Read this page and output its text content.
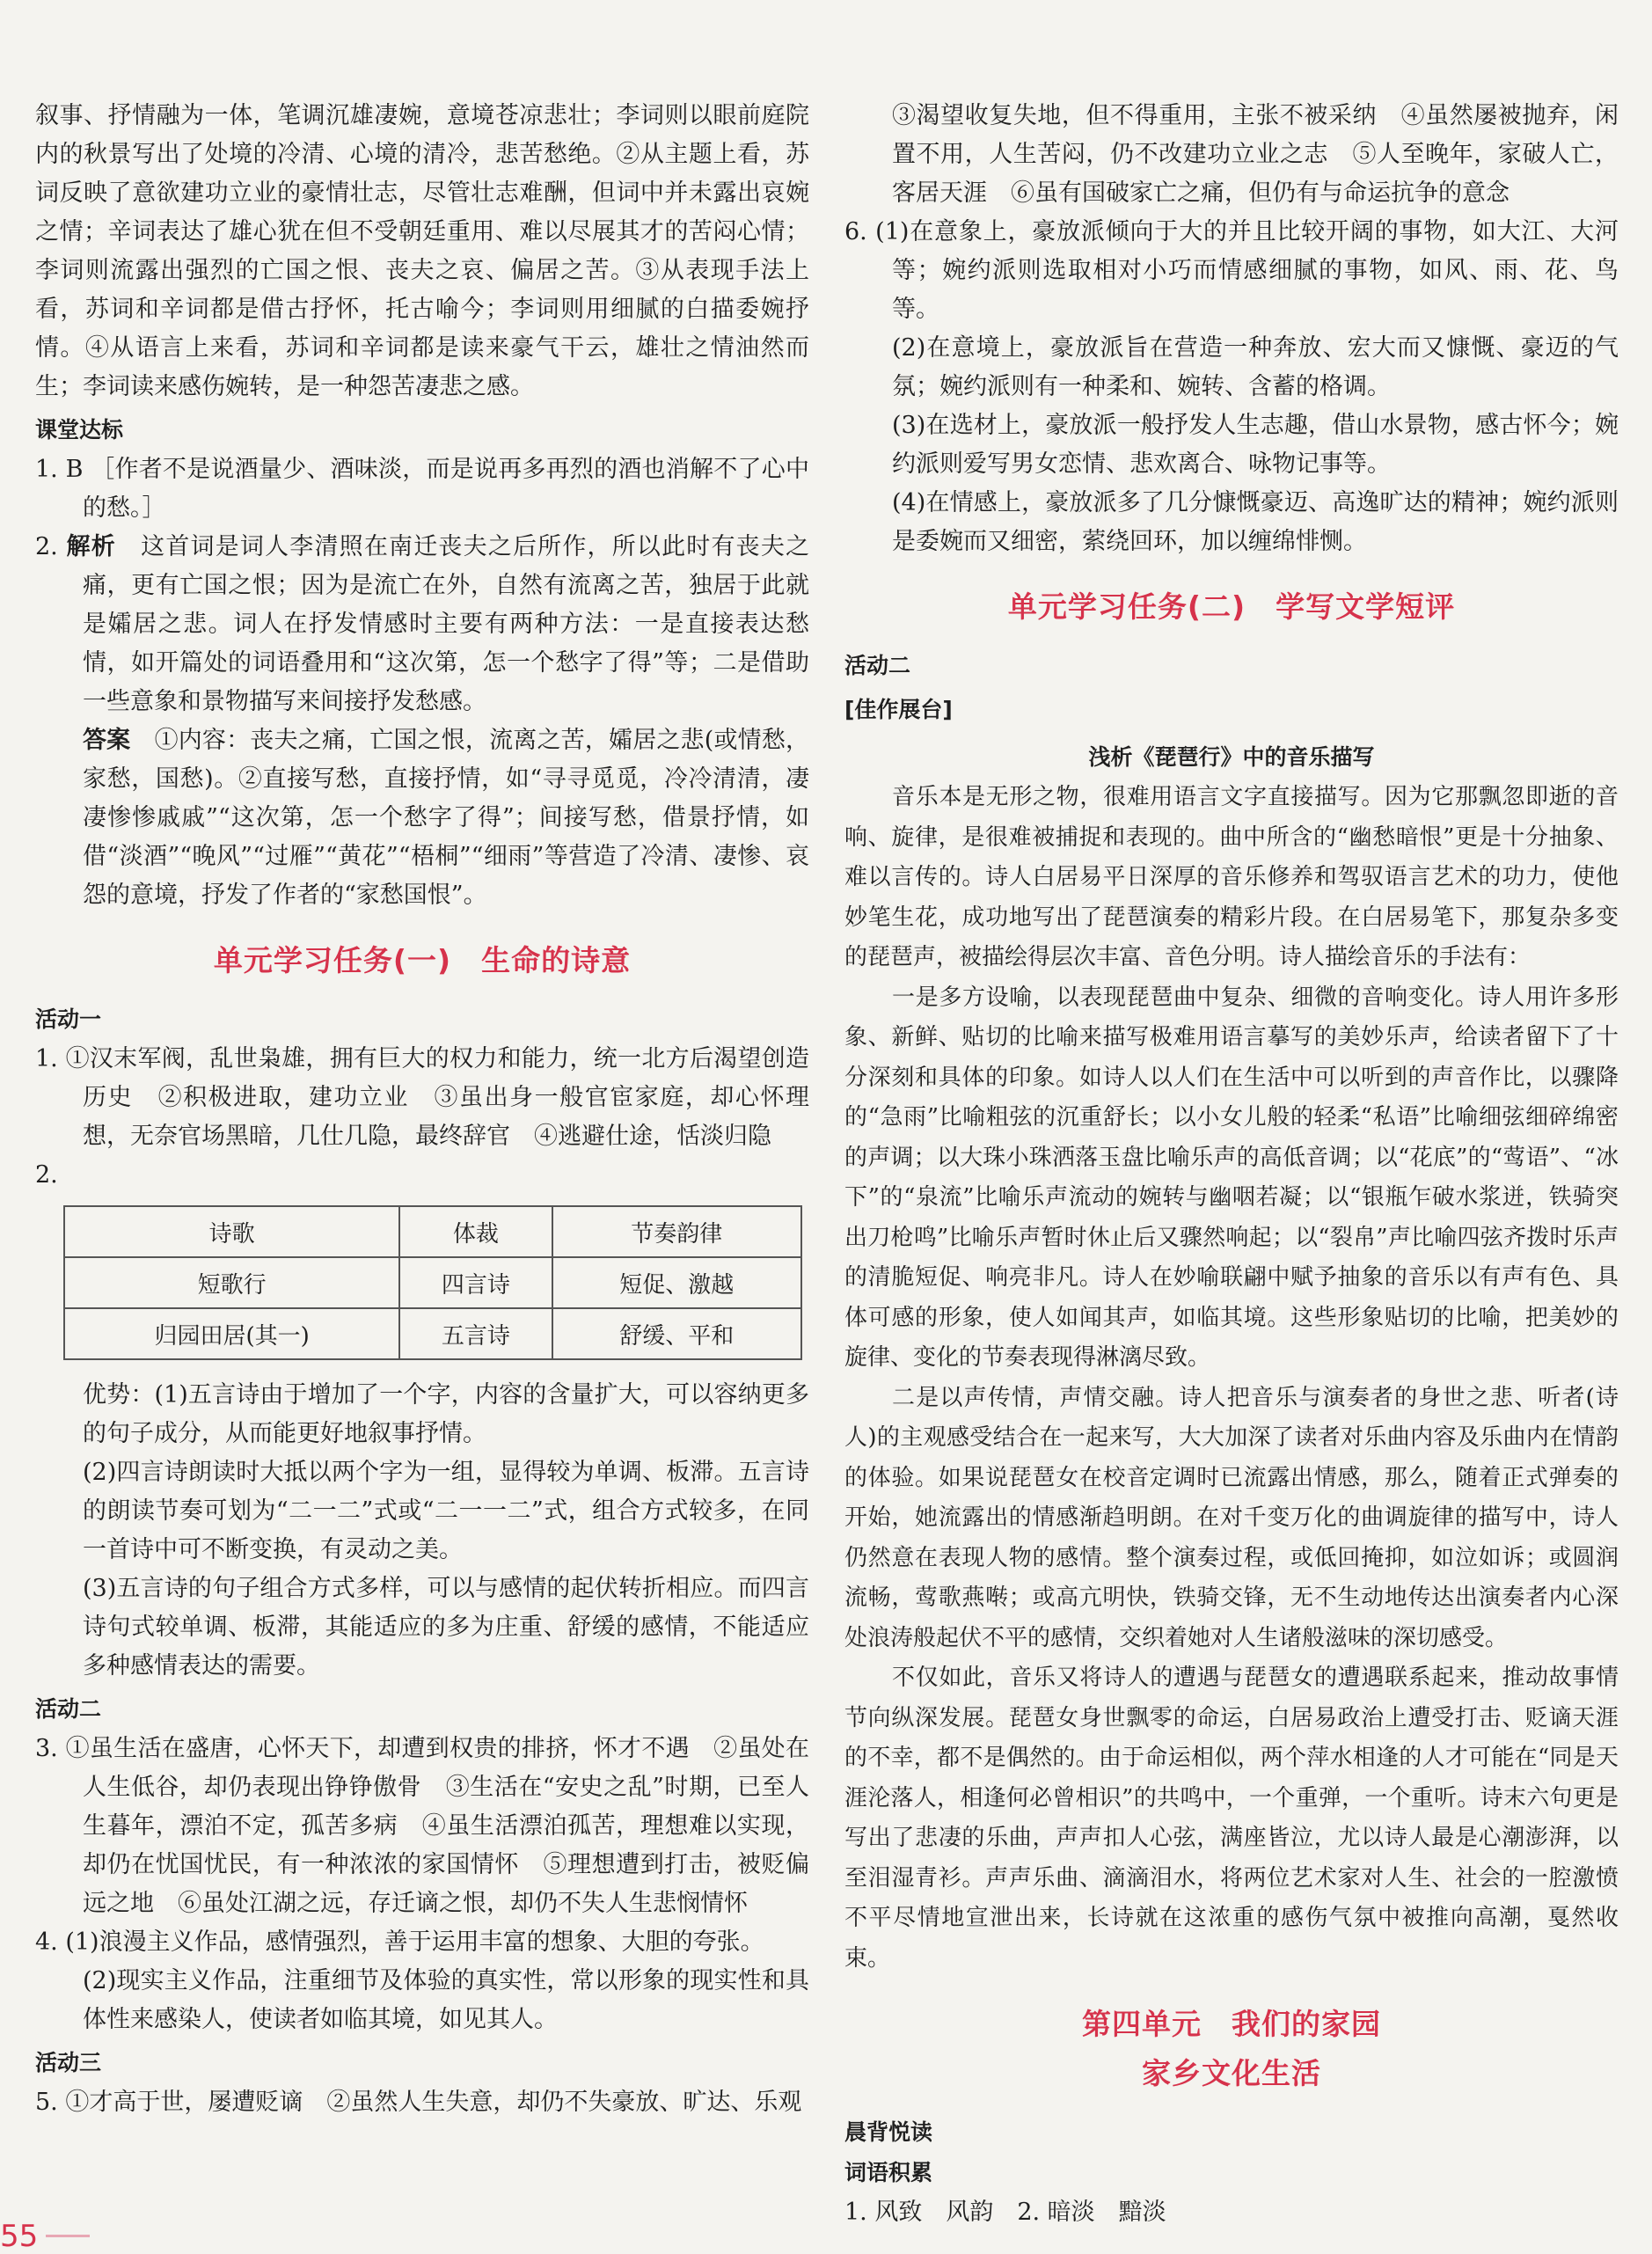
叙事、抒情融为一体，笔调沉雄凄婉，意境苍凉悲壮；李词则以眼前庭院内的秋景写出了处境的冷清、心境的清冷，悲苦愁绝。②从主题上看，苏词反映了意欲建功立业的豪情壮志，尽管壮志难酬，但词中并未露出哀婉之情；辛词表达了雄心犹在但不受朝廷重用、难以尽展其才的苦闷心情；李词则流露出强烈的亡国之恨、丧夫之哀、偏居之苦。③从表现手法上看，苏词和辛词都是借古抒怀，托古喻今；李词则用细腻的白描委婉抒情。④从语言上来看，苏词和辛词都是读来豪气干云，雄壮之情油然而生；李词读来感伤婉转，是一种怨苦凄悲之感。

课堂达标

1. B ［作者不是说酒量少、酒味淡，而是说再多再烈的酒也消解不了心中的愁。］

2. 解析　 这首词是词人李清照在南迁丧夫之后所作，所以此时有丧夫之痛，更有亡国之恨；因为是流亡在外，自然有流离之苦，独居于此就是孀居之悲。词人在抒发情感时主要有两种方法：一是直接表达愁情，如开篇处的词语叠用和“这次第，怎一个愁字了得”等；二是借助一些意象和景物描写来间接抒发愁感。

答案　 ①内容：丧夫之痛，亡国之恨，流离之苦，孀居之悲(或情愁，家愁，国愁)。②直接写愁，直接抒情，如“寻寻觅觅，冷冷清清，凄凄惨惨戚戚”“这次第，怎一个愁字了得”；间接写愁，借景抒情，如借“淡酒”“晚风”“过雁”“黄花”“梧桐”“细雨”等营造了冷清、凄惨、哀怨的意境，抒发了作者的“家愁国恨”。

单元学习任务(一)　生命的诗意
活动一

1. ①汉末军阀，乱世枭雄，拥有巨大的权力和能力，统一北方后渴望创造历史　②积极进取，建功立业　③虽出身一般官宦家庭，却心怀理想，无奈官场黑暗，几仕几隐，最终辞官　④逃避仕途，恬淡归隐

2.

诗歌	体裁	节奏韵律
短歌行	四言诗	短促、激越
归园田居(其一)	五言诗	舒缓、平和

优势：(1)五言诗由于增加了一个字，内容的含量扩大，可以容纳更多的句子成分，从而能更好地叙事抒情。

(2)四言诗朗读时大抵以两个字为一组，显得较为单调、板滞。五言诗的朗读节奏可划为“二一二”式或“二一一二”式，组合方式较多，在同一首诗中可不断变换，有灵动之美。

(3)五言诗的句子组合方式多样，可以与感情的起伏转折相应。而四言诗句式较单调、板滞，其能适应的多为庄重、舒缓的感情，不能适应多种感情表达的需要。

活动二

3. ①虽生活在盛唐，心怀天下，却遭到权贵的排挤，怀才不遇　②虽处在人生低谷，却仍表现出铮铮傲骨　③生活在“安史之乱”时期，已至人生暮年，漂泊不定，孤苦多病　④虽生活漂泊孤苦，理想难以实现，却仍在忧国忧民，有一种浓浓的家国情怀　⑤理想遭到打击，被贬偏远之地　⑥虽处江湖之远，存迁谪之恨，却仍不失人生悲悯情怀

4. (1)浪漫主义作品，感情强烈，善于运用丰富的想象、大胆的夸张。

(2)现实主义作品，注重细节及体验的真实性，常以形象的现实性和具体性来感染人，使读者如临其境，如见其人。

活动三

5. ①才高于世，屡遭贬谪　②虽然人生失意，却仍不失豪放、旷达、乐观

③渴望收复失地，但不得重用，主张不被采纳　④虽然屡被抛弃，闲置不用，人生苦闷，仍不改建功立业之志　⑤人至晚年，家破人亡，客居天涯　⑥虽有国破家亡之痛，但仍有与命运抗争的意念

6. (1)在意象上，豪放派倾向于大的并且比较开阔的事物，如大江、大河等；婉约派则选取相对小巧而情感细腻的事物，如风、雨、花、鸟等。

(2)在意境上，豪放派旨在营造一种奔放、宏大而又慷慨、豪迈的气氛；婉约派则有一种柔和、婉转、含蓄的格调。

(3)在选材上，豪放派一般抒发人生志趣，借山水景物，感古怀今；婉约派则爱写男女恋情、悲欢离合、咏物记事等。

(4)在情感上，豪放派多了几分慷慨豪迈、高逸旷达的精神；婉约派则是委婉而又细密，萦绕回环，加以缠绵悱恻。

单元学习任务(二)　学写文学短评
活动二
[佳作展台]
浅析《琵琶行》中的音乐描写

音乐本是无形之物，很难用语言文字直接描写。因为它那飘忽即逝的音响、旋律，是很难被捕捉和表现的。曲中所含的“幽愁暗恨”更是十分抽象、难以言传的。诗人白居易平日深厚的音乐修养和驾驭语言艺术的功力，使他妙笔生花，成功地写出了琵琶演奏的精彩片段。在白居易笔下，那复杂多变的琵琶声，被描绘得层次丰富、音色分明。诗人描绘音乐的手法有：

一是多方设喻，以表现琵琶曲中复杂、细微的音响变化。诗人用许多形象、新鲜、贴切的比喻来描写极难用语言摹写的美妙乐声，给读者留下了十分深刻和具体的印象。如诗人以人们在生活中可以听到的声音作比，以骤降的“急雨”比喻粗弦的沉重舒长；以小女儿般的轻柔“私语”比喻细弦细碎绵密的声调；以大珠小珠洒落玉盘比喻乐声的高低音调；以“花底”的“莺语”、“冰下”的“泉流”比喻乐声流动的婉转与幽咽若凝；以“银瓶乍破水浆迸，铁骑突出刀枪鸣”比喻乐声暂时休止后又骤然响起；以“裂帛”声比喻四弦齐拨时乐声的清脆短促、响亮非凡。诗人在妙喻联翩中赋予抽象的音乐以有声有色、具体可感的形象，使人如闻其声，如临其境。这些形象贴切的比喻，把美妙的旋律、变化的节奏表现得淋漓尽致。

二是以声传情，声情交融。诗人把音乐与演奏者的身世之悲、听者(诗人)的主观感受结合在一起来写，大大加深了读者对乐曲内容及乐曲内在情韵的体验。如果说琵琶女在校音定调时已流露出情感，那么，随着正式弹奏的开始，她流露出的情感渐趋明朗。在对千变万化的曲调旋律的描写中，诗人仍然意在表现人物的感情。整个演奏过程，或低回掩抑，如泣如诉；或圆润流畅，莺歌燕啭；或高亢明快，铁骑交锋，无不生动地传达出演奏者内心深处浪涛般起伏不平的感情，交织着她对人生诸般滋味的深切感受。

不仅如此，音乐又将诗人的遭遇与琵琶女的遭遇联系起来，推动故事情节向纵深发展。琵琶女身世飘零的命运，白居易政治上遭受打击、贬谪天涯的不幸，都不是偶然的。由于命运相似，两个萍水相逢的人才可能在“同是天涯沦落人，相逢何必曾相识”的共鸣中，一个重弹，一个重听。诗末六句更是写出了悲凄的乐曲，声声扣人心弦，满座皆泣，尤以诗人最是心潮澎湃，以至泪湿青衫。声声乐曲、滴滴泪水，将两位艺术家对人生、社会的一腔激愤不平尽情地宣泄出来，长诗就在这浓重的感伤气氛中被推向高潮，戛然收束。

第四单元　我们的家园
家乡文化生活
晨背悦读
词语积累

1. 风致　风韵　2. 暗淡　黯淡

55
